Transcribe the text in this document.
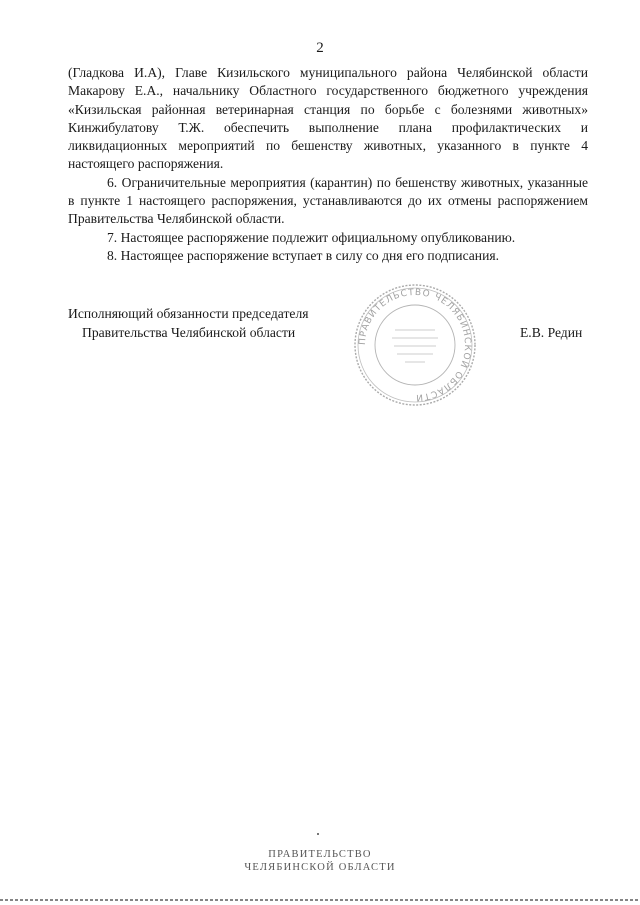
2

(Гладкова И.А), Главе Кизильского муниципального района Челябинской области Макарову Е.А., начальнику Областного государственного бюджетного учреждения «Кизильская районная ветеринарная станция по борьбе с болезнями животных» Кинжибулатову Т.Ж. обеспечить выполнение плана профилактических и ликвидационных мероприятий по бешенству животных, указанного в пункте 4 настоящего распоряжения.

6. Ограничительные мероприятия (карантин) по бешенству животных, указанные в пункте 1 настоящего распоряжения, устанавливаются до их отмены распоряжением Правительства Челябинской области.

7. Настоящее распоряжение подлежит официальному опубликованию.

8. Настоящее распоряжение вступает в силу со дня его подписания.

Исполняющий обязанности председателя
Правительства Челябинской области	Е.В. Редин
ПРАВИТЕЛЬСТВО ЧЕЛЯБИНСКОЙ ОБЛАСТИ
ПРАВИТЕЛЬСТВО
ЧЕЛЯБИНСКОЙ ОБЛАСТИ
